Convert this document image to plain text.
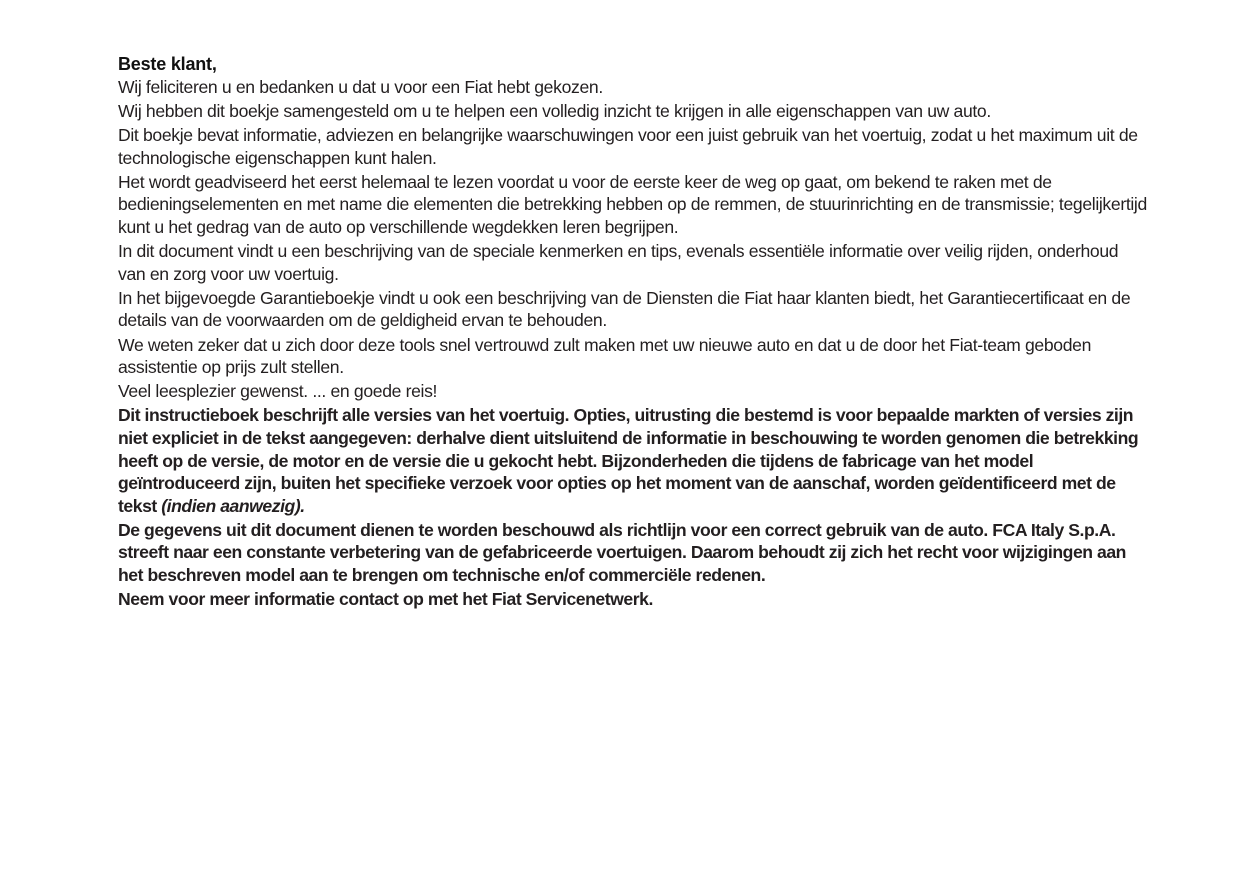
Beste klant,

Wij feliciteren u en bedanken u dat u voor een Fiat hebt gekozen.

Wij hebben dit boekje samengesteld om u te helpen een volledig inzicht te krijgen in alle eigenschappen van uw auto.

Dit boekje bevat informatie, adviezen en belangrijke waarschuwingen voor een juist gebruik van het voertuig, zodat u het maximum uit de technologische eigenschappen kunt halen.

Het wordt geadviseerd het eerst helemaal te lezen voordat u voor de eerste keer de weg op gaat, om bekend te raken met de bedieningselementen en met name die elementen die betrekking hebben op de remmen, de stuurinrichting en de transmissie; tegelijkertijd kunt u het gedrag van de auto op verschillende wegdekken leren begrijpen.

In dit document vindt u een beschrijving van de speciale kenmerken en tips, evenals essentiële informatie over veilig rijden, onderhoud van en zorg voor uw voertuig.

In het bijgevoegde Garantieboekje vindt u ook een beschrijving van de Diensten die Fiat haar klanten biedt, het Garantiecertificaat en de details van de voorwaarden om de geldigheid ervan te behouden.

We weten zeker dat u zich door deze tools snel vertrouwd zult maken met uw nieuwe auto en dat u de door het Fiat-team geboden assistentie op prijs zult stellen.

Veel leesplezier gewenst. ... en goede reis!

Dit instructieboek beschrijft alle versies van het voertuig. Opties, uitrusting die bestemd is voor bepaalde markten of versies zijn niet expliciet in de tekst aangegeven: derhalve dient uitsluitend de informatie in beschouwing te worden genomen die betrekking heeft op de versie, de motor en de versie die u gekocht hebt. Bijzonderheden die tijdens de fabricage van het model geïntroduceerd zijn, buiten het specifieke verzoek voor opties op het moment van de aanschaf, worden geïdentificeerd met de tekst (indien aanwezig).

De gegevens uit dit document dienen te worden beschouwd als richtlijn voor een correct gebruik van de auto. FCA Italy S.p.A. streeft naar een constante verbetering van de gefabriceerde voertuigen. Daarom behoudt zij zich het recht voor wijzigingen aan het beschreven model aan te brengen om technische en/of commerciële redenen.

Neem voor meer informatie contact op met het Fiat Servicenetwerk.
